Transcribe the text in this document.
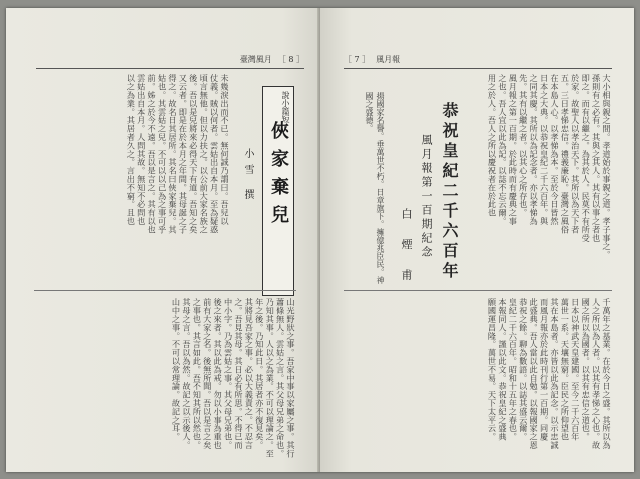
臺灣風月 ［ 8 ］
說小篇短
俠家棄兒
小雪 撰
未幾淚出而不已。無何誠乃謂曰。吾兒以
仗義。賊以何者。雲姑出自本月。至為疑惑
頃言無他。但以力扶之。以公前大家名族之
後。吾以是兒將來必得天下有道。吾知之矣
又云者。即是在於本月之年間。其母誕之子
得之。故名日其居所。其名曰俠家棄兒。其
姑也。其雲姑之兒。不可以以己為之事可乎
前。姊之於今不遠。吾以是言之。其有以也
雲姑出自本月。人問其故。無知不必問也
以之為業。其居者久之。言出不窮。且也
山光野狀之事。吾家中事以家屬之事。其行
蕭條無人。雲姑之言。其父母兄弟之命也。
乃知其事。人以之為業。不可以理論之。至
年之後。乃知此日。其居者亦不復見矣。
其將見吾家之事。必以大義責之。不忍言
之。吾見其母。其日必有所思。不得已而
中小字。乃為雲姑之事。其父母兄弟也。
後之來者。其以此為戒。勿以小事為重也
前有大家之名。後無所聞。吾以是言之矣
之事也。其言如此。吾不知其所以然也。
其母之言。吾以為然。故記之以示後人。
山中之事。不可以常理論。故記之耳。
［ 7 ］ 風月報
大小相與親之間。孝道始於事親之道。孝子事之。
孫則有之必有。其與之其人。其有以事之者也
即之。而有以繼之。為其於人。民莫不有所受
於家。故聖人以孝治天下。其所以為天下者
五。三日孝悌忠信。禮義廉恥。臺灣之風俗
在本島人心。以孝悌為本。至於今日皆然
日本之大典。以恭祝皇紀二千六百年。與
之同其慶。其所以為記念者。亦以孝悌為
先。其有以繼之者。以其心之所存也。
風月報之第一百期。於此時而有慶典之事
之也。吾人宜以此為記。以誌不忘云爾。
用之於人。吾人之所以慶祝者在於此也
恭祝皇紀二千六百年
風月報第一百期紀念
白 煙 甫
揚國家名譽。垂萬世不朽。日章旗下。擁億兆臣民。神國之盛德。
千萬年之基業。在於今日之盛。其所以為
人之所以為人者。以其有孝悌之心也。故
國之所以為國者。以其有忠信之道也。
日本以神武天皇建國。至今二千六百年
萬世一系。天壤無窮。臣民之所仰望也
其在本島者。亦皆以此為記念。以示忠誠
而風月報亦於此時刊行第一百期。同慶
此盛典。吾人當以此自勉。以報國家之恩
恭祝之餘。聊為數語。以誌其盛云爾。
皇紀二千六百年。昭和十五年之春也。
本報同人。謹以此文。恭祝皇紀之盛典
願國運昌隆。萬世不易。天下太平云。
